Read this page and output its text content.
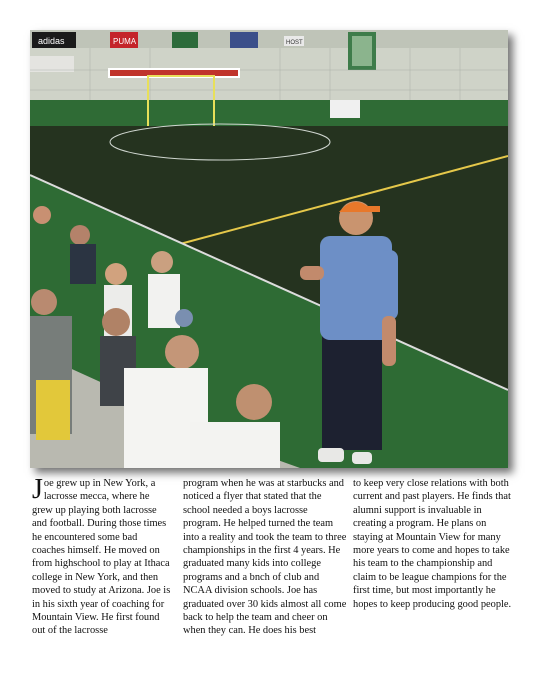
adidas	PUMA	HOST
Joe grew up in New York, a lacrosse mecca, where he grew up playing both lacrosse and football. During those times he encountered some bad coaches himself. He moved on from highschool to play at Ithaca college in New York, and then moved to study at Arizona. Joe is in his sixth year of coaching for Mountain View. He first found out of the lacrosse
program when he was at starbucks and noticed a flyer that stated that the school needed a boys lacrosse program. He helped turned the team into a reality and took the team to three championships in the first 4 years. He graduated many kids into college programs and a bnch of club and NCAA division schools. Joe has graduated over 30 kids almost all come back to help the team and cheer on when they can. He does his best
to keep very close relations with both current and past players. He finds that alumni support is invaluable in creating a program. He plans on staying at Mountain View for many more years to come and hopes to take his team to the championship and claim to be league champions for the first time, but most importantly he hopes to keep producing good people.
